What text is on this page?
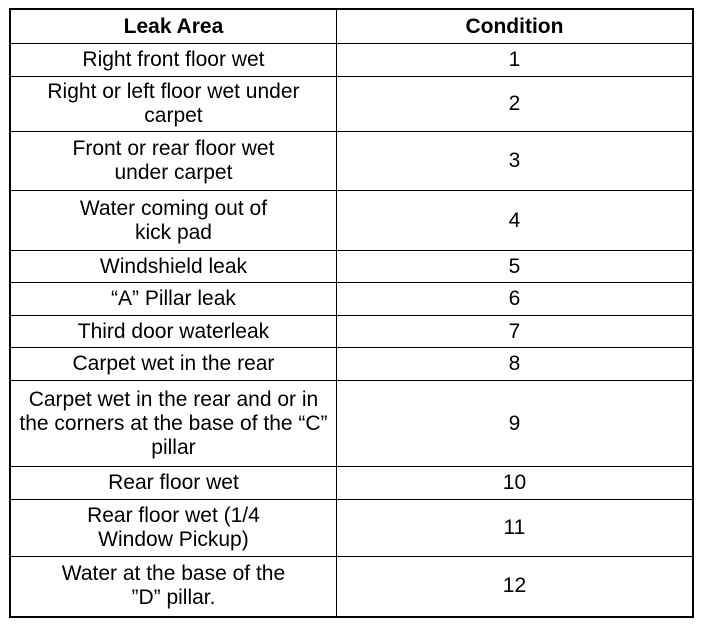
Leak Area	Condition
Right front floor wet	1
Right or left floor wet under carpet	2
Front or rear floor wet under carpet	3
Water coming out of kick pad	4
Windshield leak	5
“A” Pillar leak	6
Third door waterleak	7
Carpet wet in the rear	8
Carpet wet in the rear and or in the corners at the base of the “C” pillar	9
Rear floor wet	10
Rear floor wet (1/4 Window Pickup)	11
Water at the base of the ”D” pillar.	12
